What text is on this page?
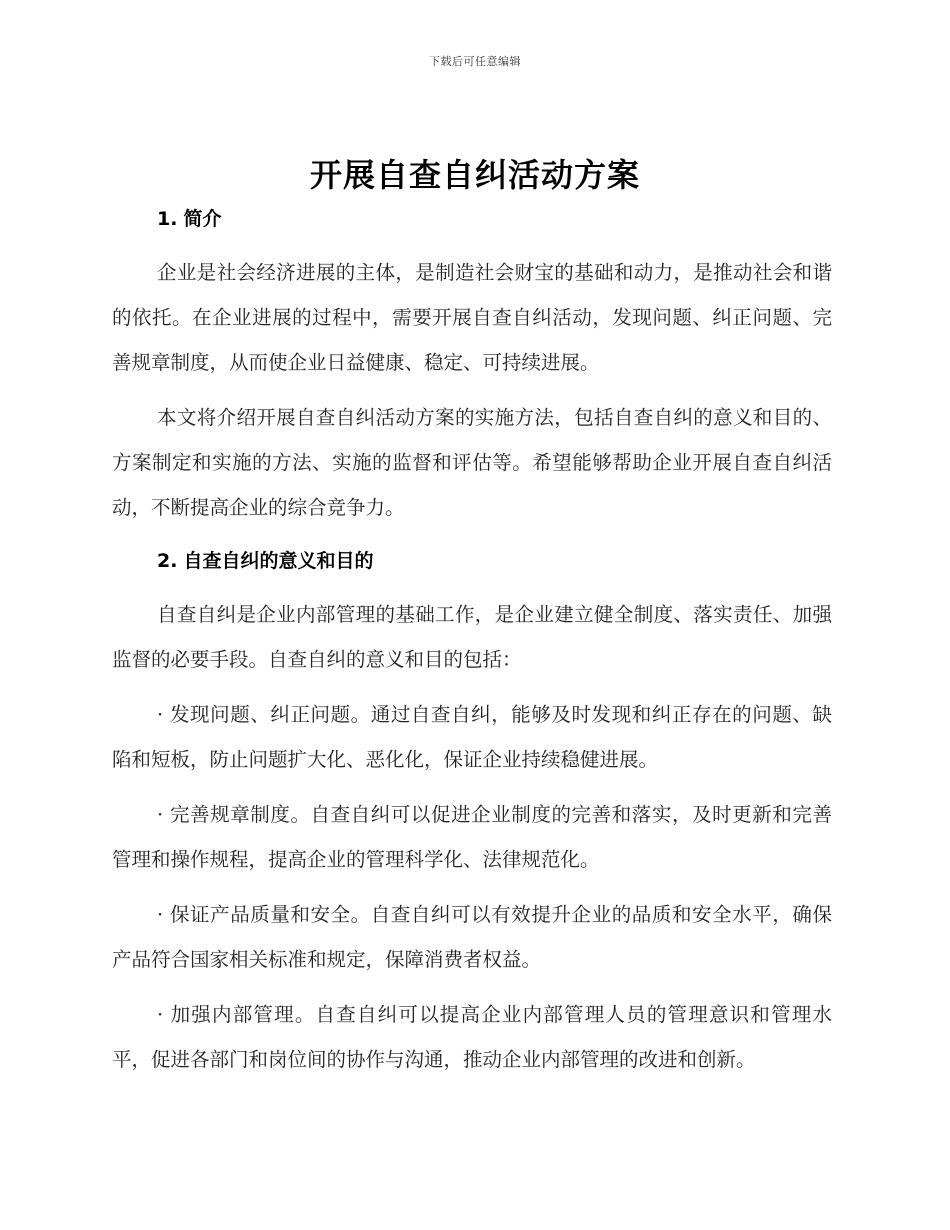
下载后可任意编辑
开展自查自纠活动方案
1. 简介

企业是社会经济进展的主体，是制造社会财宝的基础和动力，是推动社会和谐的依托。在企业进展的过程中，需要开展自查自纠活动，发现问题、纠正问题、完善规章制度，从而使企业日益健康、稳定、可持续进展。

本文将介绍开展自查自纠活动方案的实施方法，包括自查自纠的意义和目的、方案制定和实施的方法、实施的监督和评估等。希望能够帮助企业开展自查自纠活动，不断提高企业的综合竞争力。

2. 自查自纠的意义和目的

自查自纠是企业内部管理的基础工作，是企业建立健全制度、落实责任、加强监督的必要手段。自查自纠的意义和目的包括：

· 发现问题、纠正问题。通过自查自纠，能够及时发现和纠正存在的问题、缺陷和短板，防止问题扩大化、恶化化，保证企业持续稳健进展。

· 完善规章制度。自查自纠可以促进企业制度的完善和落实，及时更新和完善管理和操作规程，提高企业的管理科学化、法律规范化。

· 保证产品质量和安全。自查自纠可以有效提升企业的品质和安全水平，确保产品符合国家相关标准和规定，保障消费者权益。

· 加强内部管理。自查自纠可以提高企业内部管理人员的管理意识和管理水平，促进各部门和岗位间的协作与沟通，推动企业内部管理的改进和创新。
